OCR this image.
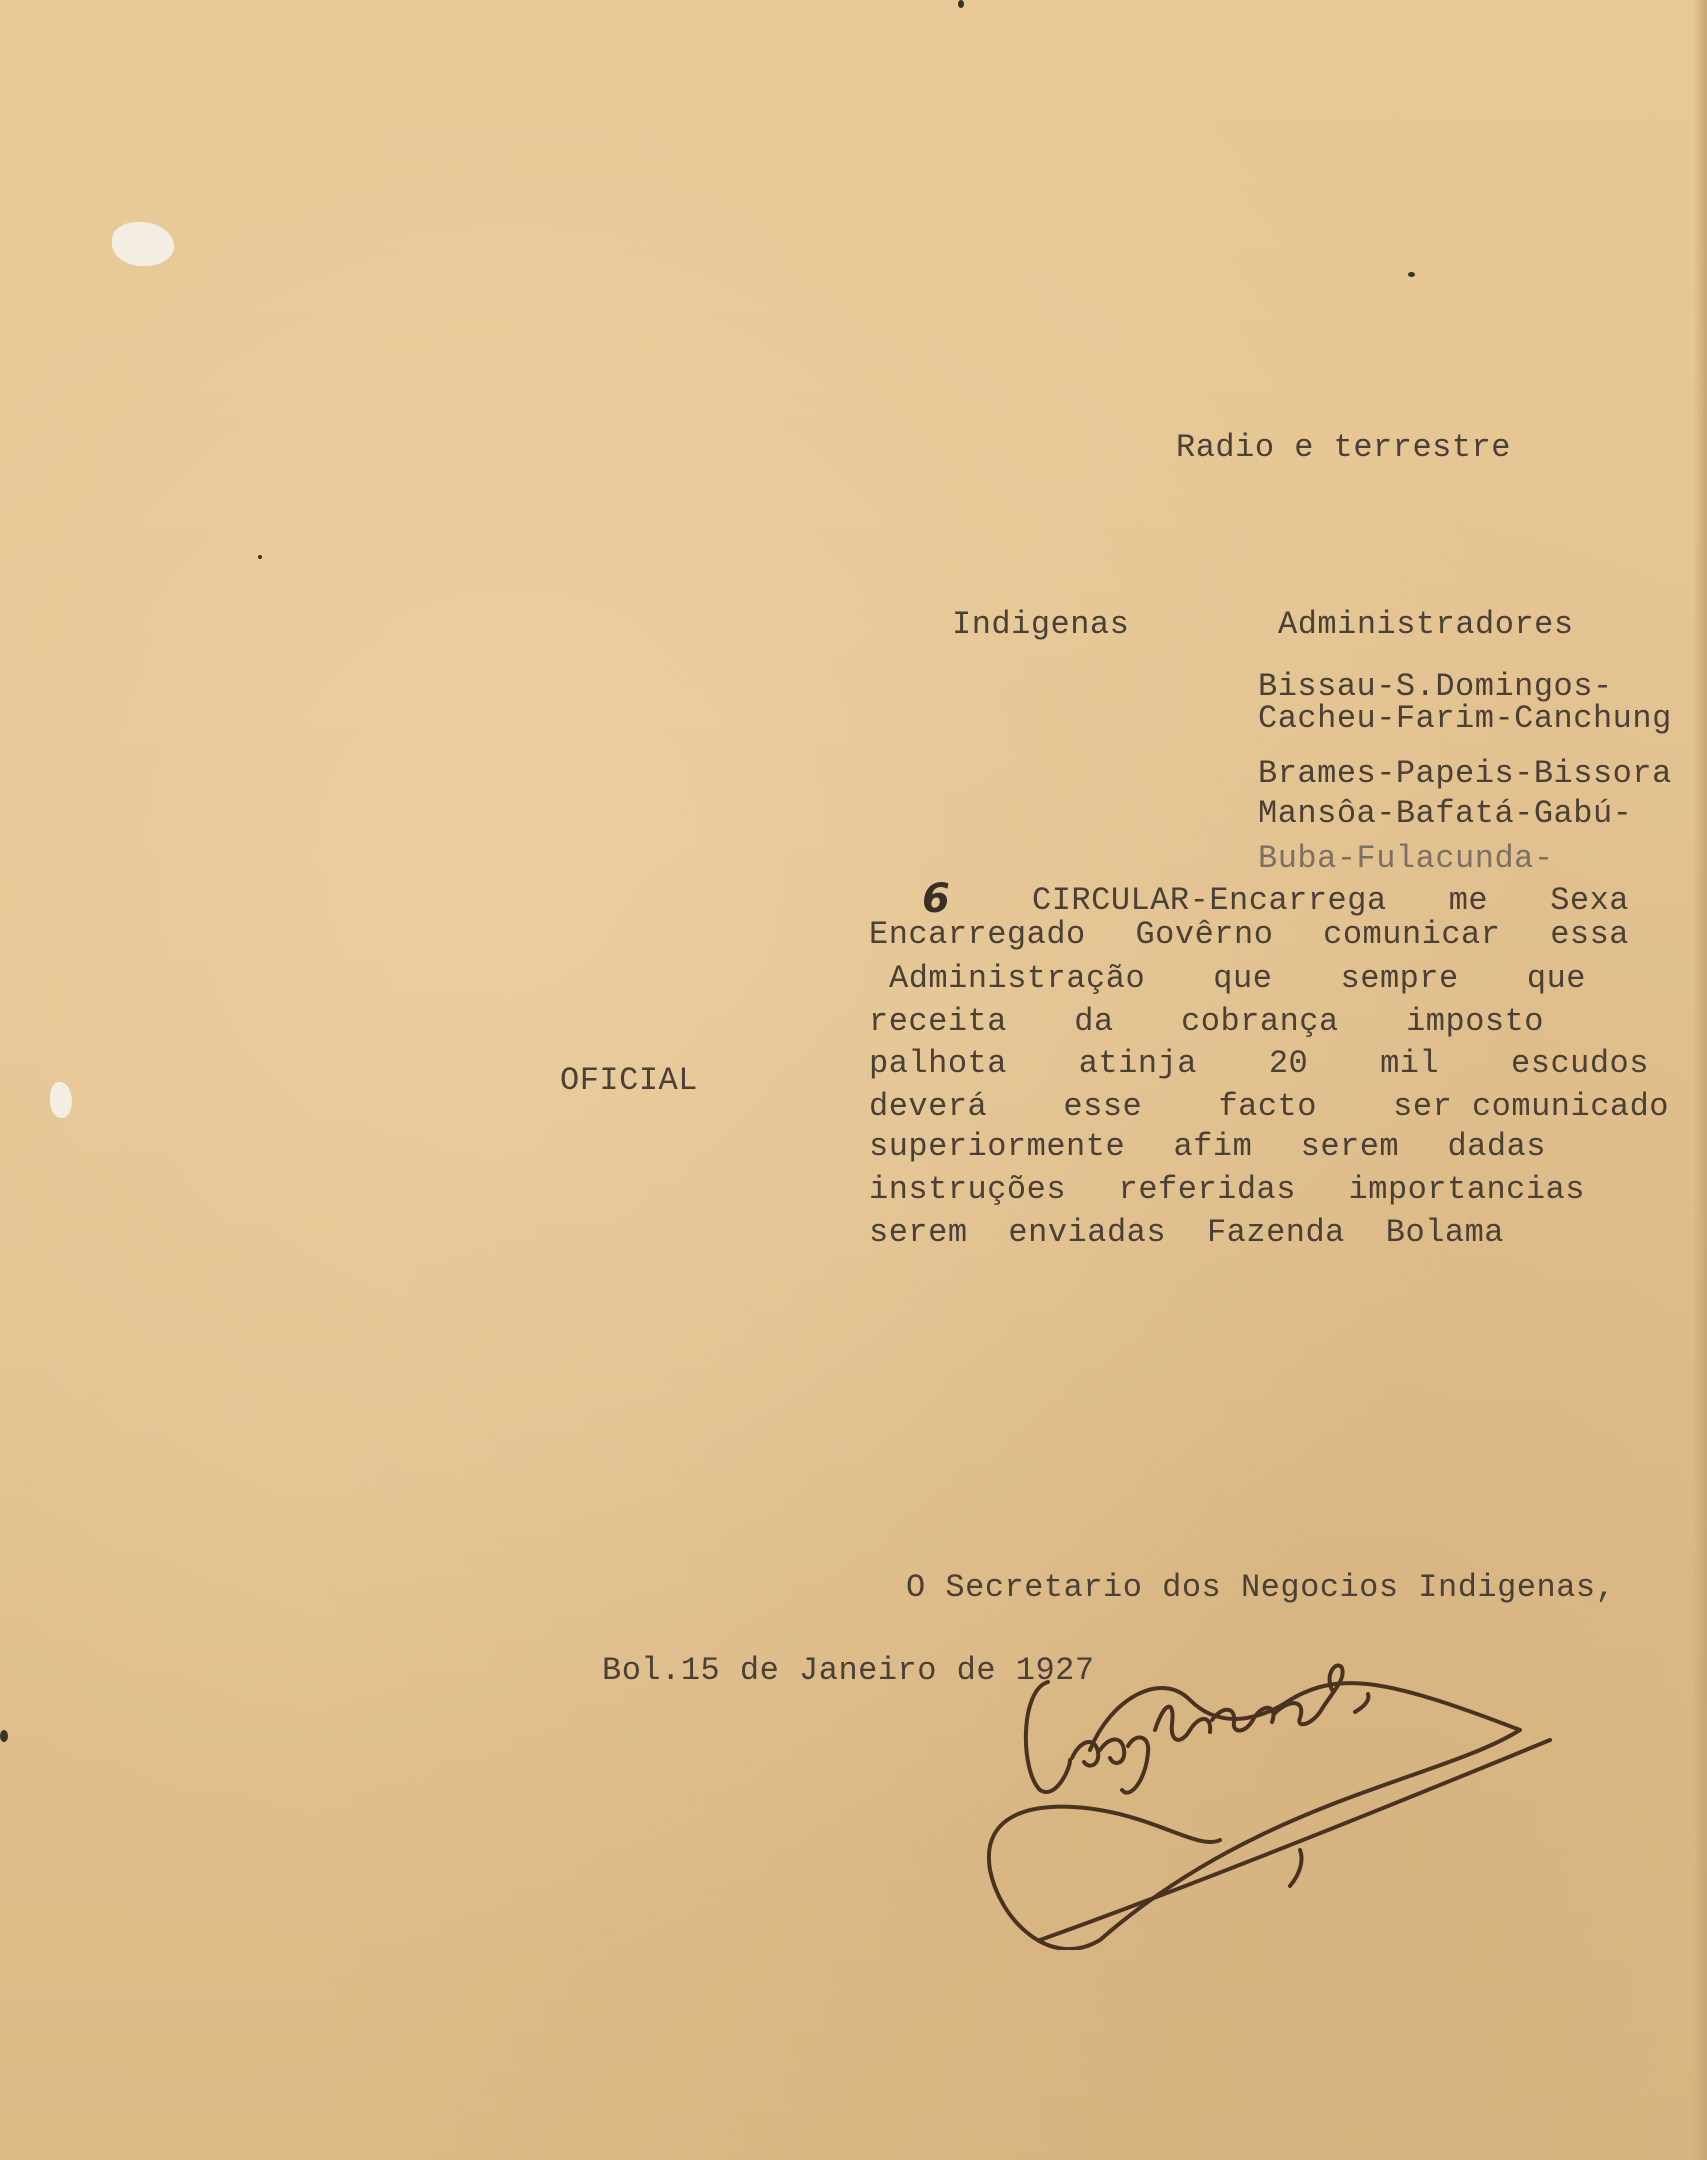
Radio e terrestre
Indigenas	Administradores
Bissau-S.Domingos-
Cacheu-Farim-Canchung
Brames-Papeis-Bissora
Mansôa-Bafatá-Gabú-
Buba-Fulacunda-
6
OFICIAL
CIRCULAR-Encarrega me Sexa
Encarregado Govêrno comunicar essa
Administração que sempre que
receita da cobrança imposto
palhota atinja 20 mil escudos
deverá esse facto ser comunicado
superiormente afim serem dadas
instruções referidas importancias
serem enviadas Fazenda Bolama
O Secretario dos Negocios Indigenas,
Bol.15 de Janeiro de 1927
